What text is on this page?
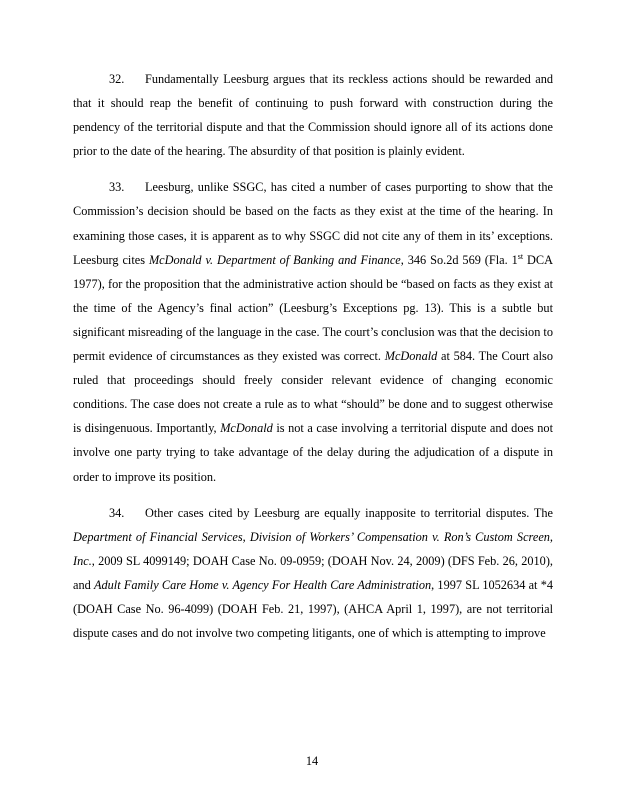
32. Fundamentally Leesburg argues that its reckless actions should be rewarded and that it should reap the benefit of continuing to push forward with construction during the pendency of the territorial dispute and that the Commission should ignore all of its actions done prior to the date of the hearing. The absurdity of that position is plainly evident.

33. Leesburg, unlike SSGC, has cited a number of cases purporting to show that the Commission’s decision should be based on the facts as they exist at the time of the hearing. In examining those cases, it is apparent as to why SSGC did not cite any of them in its’ exceptions. Leesburg cites McDonald v. Department of Banking and Finance, 346 So.2d 569 (Fla. 1st DCA 1977), for the proposition that the administrative action should be “based on facts as they exist at the time of the Agency’s final action” (Leesburg’s Exceptions pg. 13). This is a subtle but significant misreading of the language in the case. The court’s conclusion was that the decision to permit evidence of circumstances as they existed was correct. McDonald at 584. The Court also ruled that proceedings should freely consider relevant evidence of changing economic conditions. The case does not create a rule as to what “should” be done and to suggest otherwise is disingenuous. Importantly, McDonald is not a case involving a territorial dispute and does not involve one party trying to take advantage of the delay during the adjudication of a dispute in order to improve its position.

34. Other cases cited by Leesburg are equally inapposite to territorial disputes. The Department of Financial Services, Division of Workers’ Compensation v. Ron’s Custom Screen, Inc., 2009 SL 4099149; DOAH Case No. 09-0959; (DOAH Nov. 24, 2009) (DFS Feb. 26, 2010), and Adult Family Care Home v. Agency For Health Care Administration, 1997 SL 1052634 at *4 (DOAH Case No. 96-4099) (DOAH Feb. 21, 1997), (AHCA April 1, 1997), are not territorial dispute cases and do not involve two competing litigants, one of which is attempting to improve

14
